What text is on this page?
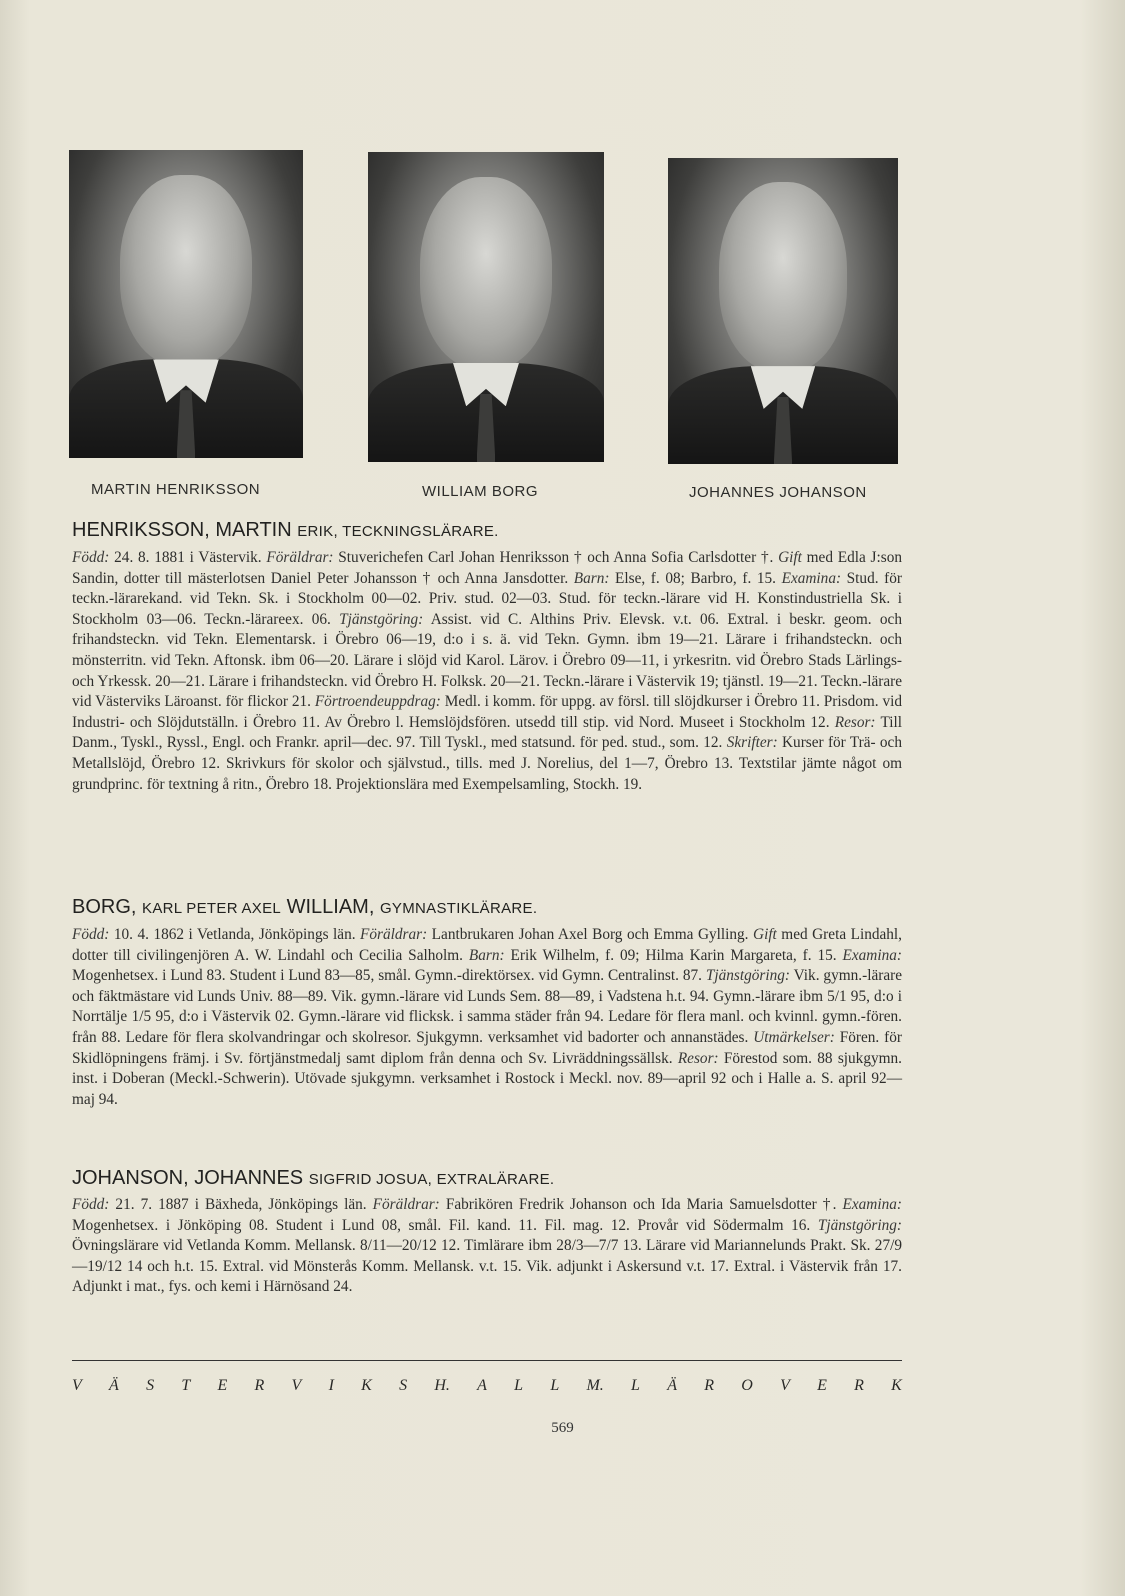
MARTIN HENRIKSSON	WILLIAM BORG	JOHANNES JOHANSON
HENRIKSSON, MARTIN ERIK, TECKNINGSLÄRARE.
Född: 24. 8. 1881 i Västervik. Föräldrar: Stuverichefen Carl Johan Henriksson † och Anna Sofia Carlsdotter †. Gift med Edla J:son Sandin, dotter till mästerlotsen Daniel Peter Johansson † och Anna Jansdotter. Barn: Else, f. 08; Barbro, f. 15. Examina: Stud. för teckn.-lärarekand. vid Tekn. Sk. i Stockholm 00—02. Priv. stud. 02—03. Stud. för teckn.-lärare vid H. Konstindustriella Sk. i Stockholm 03—06. Teckn.-lärareex. 06. Tjänstgöring: Assist. vid C. Althins Priv. Elevsk. v.t. 06. Extral. i beskr. geom. och frihandsteckn. vid Tekn. Elementarsk. i Örebro 06—19, d:o i s. ä. vid Tekn. Gymn. ibm 19—21. Lärare i frihandsteckn. och mönsterritn. vid Tekn. Aftonsk. ibm 06—20. Lärare i slöjd vid Karol. Lärov. i Örebro 09—11, i yrkesritn. vid Örebro Stads Lärlings- och Yrkessk. 20—21. Lärare i frihandsteckn. vid Örebro H. Folksk. 20—21. Teckn.-lärare i Västervik 19; tjänstl. 19—21. Teckn.-lärare vid Västerviks Läroanst. för flickor 21. Förtroendeuppdrag: Medl. i komm. för uppg. av försl. till slöjdkurser i Örebro 11. Prisdom. vid Industri- och Slöjdutställn. i Örebro 11. Av Örebro l. Hemslöjdsfören. utsedd till stip. vid Nord. Museet i Stockholm 12. Resor: Till Danm., Tyskl., Ryssl., Engl. och Frankr. april—dec. 97. Till Tyskl., med statsund. för ped. stud., som. 12. Skrifter: Kurser för Trä- och Metallslöjd, Örebro 12. Skrivkurs för skolor och självstud., tills. med J. Norelius, del 1—7, Örebro 13. Textstilar jämte något om grundprinc. för textning å ritn., Örebro 18. Projektionslära med Exempelsamling, Stockh. 19.
BORG, KARL PETER AXEL WILLIAM, GYMNASTIKLÄRARE.
Född: 10. 4. 1862 i Vetlanda, Jönköpings län. Föräldrar: Lantbrukaren Johan Axel Borg och Emma Gylling. Gift med Greta Lindahl, dotter till civilingenjören A. W. Lindahl och Cecilia Salholm. Barn: Erik Wilhelm, f. 09; Hilma Karin Margareta, f. 15. Examina: Mogenhetsex. i Lund 83. Student i Lund 83—85, smål. Gymn.-direktörsex. vid Gymn. Centralinst. 87. Tjänstgöring: Vik. gymn.-lärare och fäktmästare vid Lunds Univ. 88—89. Vik. gymn.-lärare vid Lunds Sem. 88—89, i Vadstena h.t. 94. Gymn.-lärare ibm 5/1 95, d:o i Norrtälje 1/5 95, d:o i Västervik 02. Gymn.-lärare vid flicksk. i samma städer från 94. Ledare för flera manl. och kvinnl. gymn.-fören. från 88. Ledare för flera skolvandringar och skolresor. Sjukgymn. verksamhet vid badorter och annanstädes. Utmärkelser: Fören. för Skidlöpningens främj. i Sv. förtjänstmedalj samt diplom från denna och Sv. Livräddningssällsk. Resor: Förestod som. 88 sjukgymn. inst. i Doberan (Meckl.-Schwerin). Utövade sjukgymn. verksamhet i Rostock i Meckl. nov. 89—april 92 och i Halle a. S. april 92—maj 94.
JOHANSON, JOHANNES SIGFRID JOSUA, EXTRALÄRARE.
Född: 21. 7. 1887 i Bäxheda, Jönköpings län. Föräldrar: Fabrikören Fredrik Johanson och Ida Maria Samuelsdotter †. Examina: Mogenhetsex. i Jönköping 08. Student i Lund 08, smål. Fil. kand. 11. Fil. mag. 12. Provår vid Södermalm 16. Tjänstgöring: Övningslärare vid Vetlanda Komm. Mellansk. 8/11—20/12 12. Timlärare ibm 28/3—7/7 13. Lärare vid Mariannelunds Prakt. Sk. 27/9—19/12 14 och h.t. 15. Extral. vid Mönsterås Komm. Mellansk. v.t. 15. Vik. adjunkt i Askersund v.t. 17. Extral. i Västervik från 17. Adjunkt i mat., fys. och kemi i Härnösand 24.
V Ä S T E R V I K S H. A L L M. L Ä R O V E R K
569
